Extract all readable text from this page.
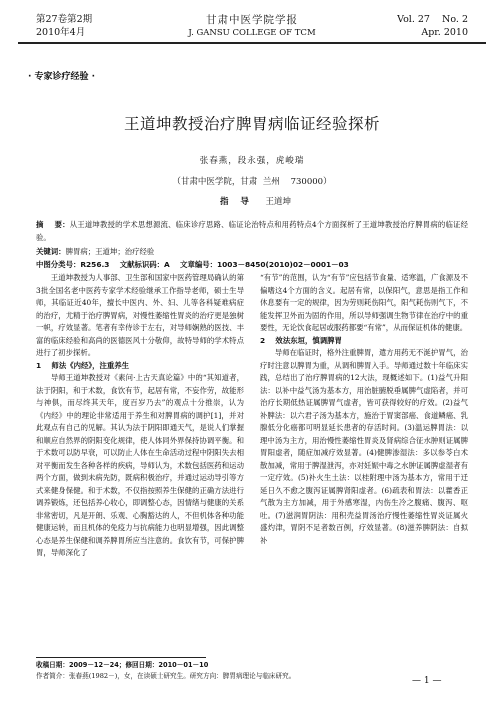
第27卷第2期
2010年4月
甘肃中医学院学报
J. GANSU COLLEGE OF TCM
Vol. 27    No. 2
Apr. 2010
· 专家诊疗经验 ·
王道坤教授治疗脾胃病临证经验探析
张春燕，段永强，虎峻瑞
（甘肃中医学院，甘肃  兰州    730000）
指    导 王道坤
摘    要：从王道坤教授的学术思想源流、临床诊疗思路、临证论治特点和用药特点4个方面探析了王道坤教授治疗脾胃病的临证经验。
关键词：脾胃病；王道坤；治疗经验
中图分类号：R256.3    文献标识码：A    文章编号：1003－8450(2010)02－0001－03

王道坤教授为人事部、卫生部和国家中医药管理局确认的第3批全国名老中医药专家学术经验继承工作指导老师，硕士生导师，其临证近40年，擅长中医内、外、妇、儿等各科疑难病症的治疗，尤精于治疗脾胃病，对慢性萎缩性胃炎的治疗更是独树一帜，疗效显著。笔者有幸侍诊于左右，对导师娴熟的医技、丰富的临床经验和高尚的医德医风十分敬仰，故特导师的学术特点进行了初步探析。

1    师法《内经》，注重养生

导师王道坤教授对《素问·上古天真论篇》中的“其知道者，法于阴阳，和于术数，食饮有节，起居有常，不妄作劳，故能形与神俱，而尽终其天年，度百岁乃去”的观点十分推崇，认为《内经》中的理论非常适用于养生和对脾胃病的调护[1]，并对此观点有自己的见解。其认为法于阴阳即通天气，是说人们掌握和顺应自然界的阴阳变化规律，使人体同外界保持协调平衡。和于术数可以防早衰，可以防止人体在生命活动过程中阴阳失去相对平衡而发生各种各样的疾病，导师认为，术数包括医药和运动两个方面，做到未病先防，既病积极治疗，并通过运动导引等方式来健身保健。和于术数，不仅指按照养生保健的正确方法进行调养锻炼，还包括养心收心，即调整心态，因情绪与健康的关系非常密切，凡是开朗、乐观、心胸豁达的人，不但机体各种功能健康运转，而且机体的免疫力与抗病能力也明显增强，因此调整心态是养生保健和调养脾胃所应当注意的。食饮有节，可保护脾胃，导师深化了

“有节”的范围，认为“有节”应包括节食量、适寒温，广食源及不偏嗜这4个方面的含义。起居有常，以保阳气，意思是指工作和休息要有一定的规律，因为劳则耗伤阳气，阳气耗伤则气下，不能发挥卫外而为固的作用，所以导师强调生物节律在治疗中的重要性，无论饮食起居或服药都要“有常”，从而保证机体的健康。

2    效法东垣，慎调脾胃

导师在临证时，格外注重脾胃，遣方用药无不涎护胃气，治疗时注意以脾胃为重，从调和脾胃入手。导师通过数十年临床实践，总结出了治疗脾胃病的12大法，现概述如下。(1)益气升阳法：以补中益气汤为基本方，用治脏腑脱垂属脾气虚陷者，并可治疗长期低热证属脾胃气虚者，皆可获得较好的疗效。(2)益气补脾法：以六君子汤为基本方，施治于胃窦部癌、食道鳞癌、乳腺低分化癌都可明显延长患者的存活时间。(3)温运脾胃法：以理中汤为主方，用治慢性萎缩性胃炎及肾病综合征水肿则证属脾胃阳虚者，随症加减疗效显著。(4)健脾渗湿法：多以参苓白术散加减，常用于脾湿泄泻，亦对妊娠中毒之水肿证属脾虚湿者有一定疗效。(5)补火生土法：以桂附理中汤为基本方，常用于迁延日久不愈之腹泻证属脾肾阳虚者。(6)疏表和胃法：以藿香正气散为主方加减，用于外感寒湿，内伤生冷之腹痛、腹泻、呕吐。(7)滋润胃阴法：用积壳益胃汤治疗慢性萎缩性胃炎证属火盛灼津，胃阴不足者数百例，疗效显著。(8)滋养脾阴法：自拟补

收稿日期：2009－12－24；修回日期：2010－01－10
作者简介：张春燕(1982－)，女，在读硕士研究生。研究方向：脾胃病理论与临床研究。	— 1 —
